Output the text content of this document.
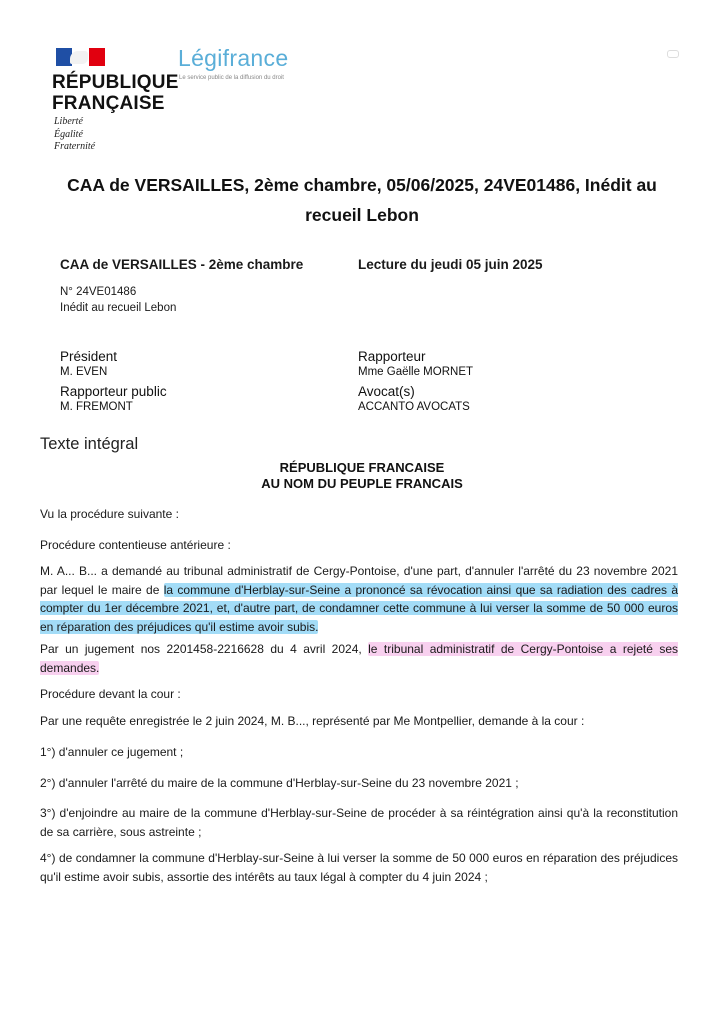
RÉPUBLIQUE
FRANÇAISE
Liberté
Égalité
Fraternité
Légifrance
Le service public de la diffusion du droit
CAA de VERSAILLES, 2ème chambre, 05/06/2025, 24VE01486, Inédit au recueil Lebon
CAA de VERSAILLES - 2ème chambre	Lecture du jeudi 05 juin 2025
N° 24VE01486
Inédit au recueil Lebon
Président
M. EVEN
Rapporteur public
M. FREMONT
Rapporteur
Mme Gaëlle MORNET
Avocat(s)
ACCANTO AVOCATS
Texte intégral
RÉPUBLIQUE FRANCAISE
AU NOM DU PEUPLE FRANCAIS
Vu la procédure suivante :
Procédure contentieuse antérieure :
M. A... B... a demandé au tribunal administratif de Cergy-Pontoise, d'une part, d'annuler l'arrêté du 23 novembre 2021 par lequel le maire de la commune d'Herblay-sur-Seine a prononcé sa révocation ainsi que sa radiation des cadres à compter du 1er décembre 2021, et, d'autre part, de condamner cette commune à lui verser la somme de 50 000 euros en réparation des préjudices qu'il estime avoir subis.
Par un jugement nos 2201458-2216628 du 4 avril 2024, le tribunal administratif de Cergy-Pontoise a rejeté ses demandes.
Procédure devant la cour :
Par une requête enregistrée le 2 juin 2024, M. B..., représenté par Me Montpellier, demande à la cour :
1°) d'annuler ce jugement ;
2°) d'annuler l'arrêté du maire de la commune d'Herblay-sur-Seine du 23 novembre 2021 ;
3°) d'enjoindre au maire de la commune d'Herblay-sur-Seine de procéder à sa réintégration ainsi qu'à la reconstitution de sa carrière, sous astreinte ;
4°) de condamner la commune d'Herblay-sur-Seine à lui verser la somme de 50 000 euros en réparation des préjudices qu'il estime avoir subis, assortie des intérêts au taux légal à compter du 4 juin 2024 ;
